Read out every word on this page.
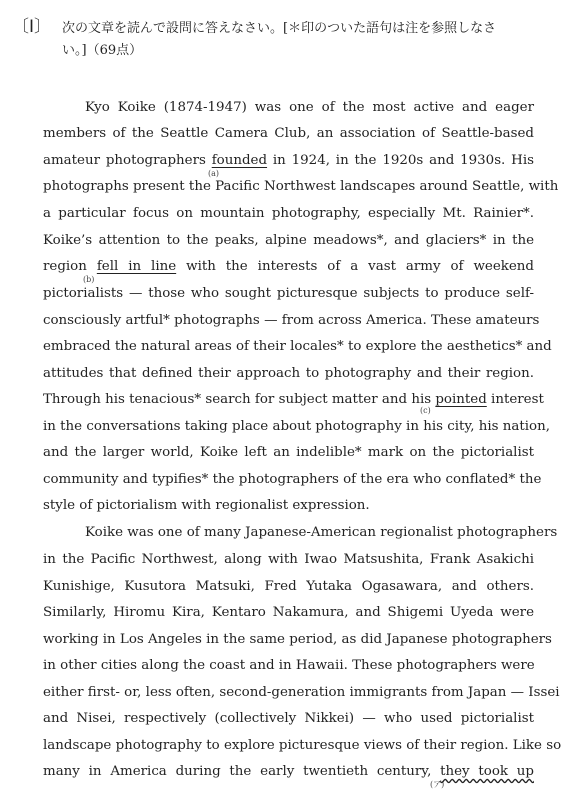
〔Ⅰ〕 次の文章を読んで設問に答えなさい。[＊印のついた語句は注を参照しなさ
い。]（69点）
Kyo Koike (1874-1947) was one of the most active and eager
members of the Seattle Camera Club, an association of Seattle-based
amateur photographers founded in 1924, in the 1920s and 1930s. His
photographs present the Pacific Northwest landscapes around Seattle, with
a particular focus on mountain photography, especially Mt. Rainier*.
Koike’s attention to the peaks, alpine meadows*, and glaciers* in the
region fell in line with the interests of a vast army of weekend
pictorialists — those who sought picturesque subjects to produce self-
consciously artful* photographs — from across America. These amateurs
embraced the natural areas of their locales* to explore the aesthetics* and
attitudes that defined their approach to photography and their region.
Through his tenacious* search for subject matter and his pointed interest
in the conversations taking place about photography in his city, his nation,
and the larger world, Koike left an indelible* mark on the pictorialist
community and typifies* the photographers of the era who conflated* the
style of pictorialism with regionalist expression.
Koike was one of many Japanese-American regionalist photographers
in the Pacific Northwest, along with Iwao Matsushita, Frank Asakichi
Kunishige, Kusutora Matsuki, Fred Yutaka Ogasawara, and others.
Similarly, Hiromu Kira, Kentaro Nakamura, and Shigemi Uyeda were
working in Los Angeles in the same period, as did Japanese photographers
in other cities along the coast and in Hawaii. These photographers were
either first- or, less often, second-generation immigrants from Japan — Issei
and Nisei, respectively (collectively Nikkei) — who used pictorialist
landscape photography to explore picturesque views of their region. Like so
many in America during the early twentieth century, they took up
(a)
(b)
(c)
(ア)
